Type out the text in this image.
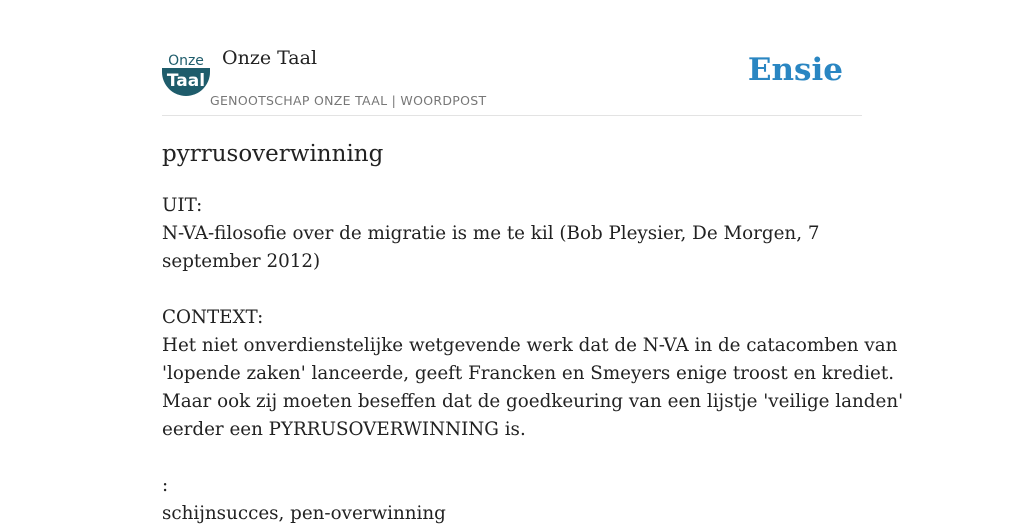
Onze
Taal
Onze Taal
GENOOTSCHAP ONZE TAAL | WOORDPOST
Ensie
pyrrusoverwinning
UIT:
N-VA-filosofie over de migratie is me te kil (Bob Pleysier, De Morgen, 7
september 2012)
CONTEXT:
Het niet onverdienstelijke wetgevende werk dat de N-VA in de catacomben van
'lopende zaken' lanceerde, geeft Francken en Smeyers enige troost en krediet.
Maar ook zij moeten beseffen dat de goedkeuring van een lijstje 'veilige landen'
eerder een PYRRUSOVERWINNING is.
:
schijnsucces, pen-overwinning
